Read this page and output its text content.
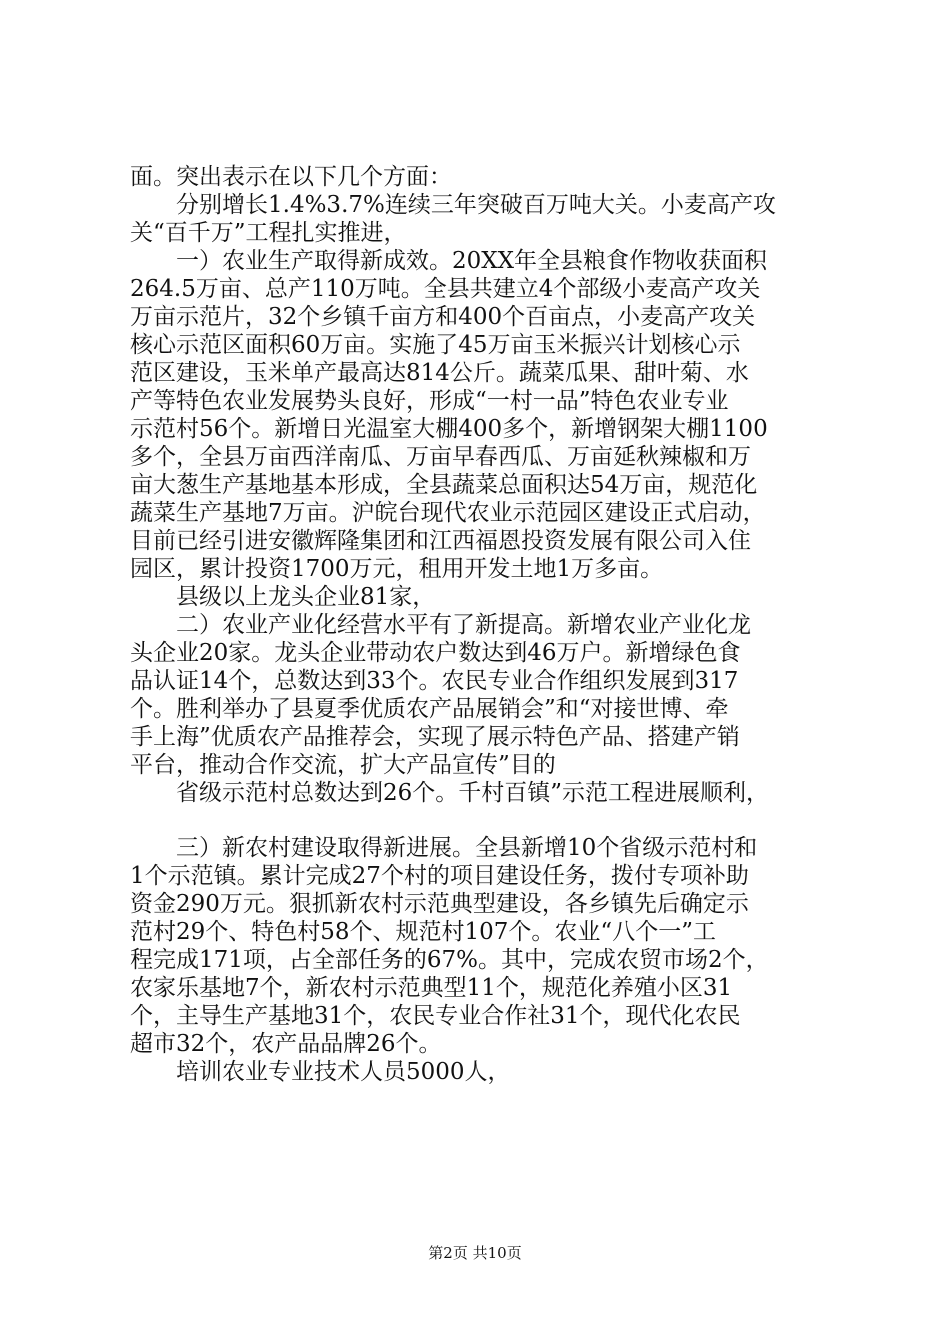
面。突出表示在以下几个方面：
　　分别增长1.4%3.7%连续三年突破百万吨大关。小麦高产攻
关“百千万”工程扎实推进，
　　一）农业生产取得新成效。20XX年全县粮食作物收获面积
264.5万亩、总产110万吨。全县共建立4个部级小麦高产攻关
万亩示范片，32个乡镇千亩方和400个百亩点，小麦高产攻关
核心示范区面积60万亩。实施了45万亩玉米振兴计划核心示
范区建设，玉米单产最高达814公斤。蔬菜瓜果、甜叶菊、水
产等特色农业发展势头良好，形成“一村一品”特色农业专业
示范村56个。新增日光温室大棚400多个，新增钢架大棚1100
多个，全县万亩西洋南瓜、万亩早春西瓜、万亩延秋辣椒和万
亩大葱生产基地基本形成，全县蔬菜总面积达54万亩，规范化
蔬菜生产基地7万亩。沪皖台现代农业示范园区建设正式启动，
目前已经引进安徽辉隆集团和江西福恩投资发展有限公司入住
园区，累计投资1700万元，租用开发土地1万多亩。
　　县级以上龙头企业81家，
　　二）农业产业化经营水平有了新提高。新增农业产业化龙
头企业20家。龙头企业带动农户数达到46万户。新增绿色食
品认证14个，总数达到33个。农民专业合作组织发展到317
个。胜利举办了县夏季优质农产品展销会”和“对接世博、牵
手上海”优质农产品推荐会，实现了展示特色产品、搭建产销
平台，推动合作交流，扩大产品宣传”目的
　　省级示范村总数达到26个。千村百镇”示范工程进展顺利，
　　三）新农村建设取得新进展。全县新增10个省级示范村和
1个示范镇。累计完成27个村的项目建设任务，拨付专项补助
资金290万元。狠抓新农村示范典型建设，各乡镇先后确定示
范村29个、特色村58个、规范村107个。农业“八个一”工
程完成171项，占全部任务的67%。其中，完成农贸市场2个，
农家乐基地7个，新农村示范典型11个，规范化养殖小区31
个，主导生产基地31个，农民专业合作社31个，现代化农民
超市32个，农产品品牌26个。
　　培训农业专业技术人员5000人，
第2页 共10页
